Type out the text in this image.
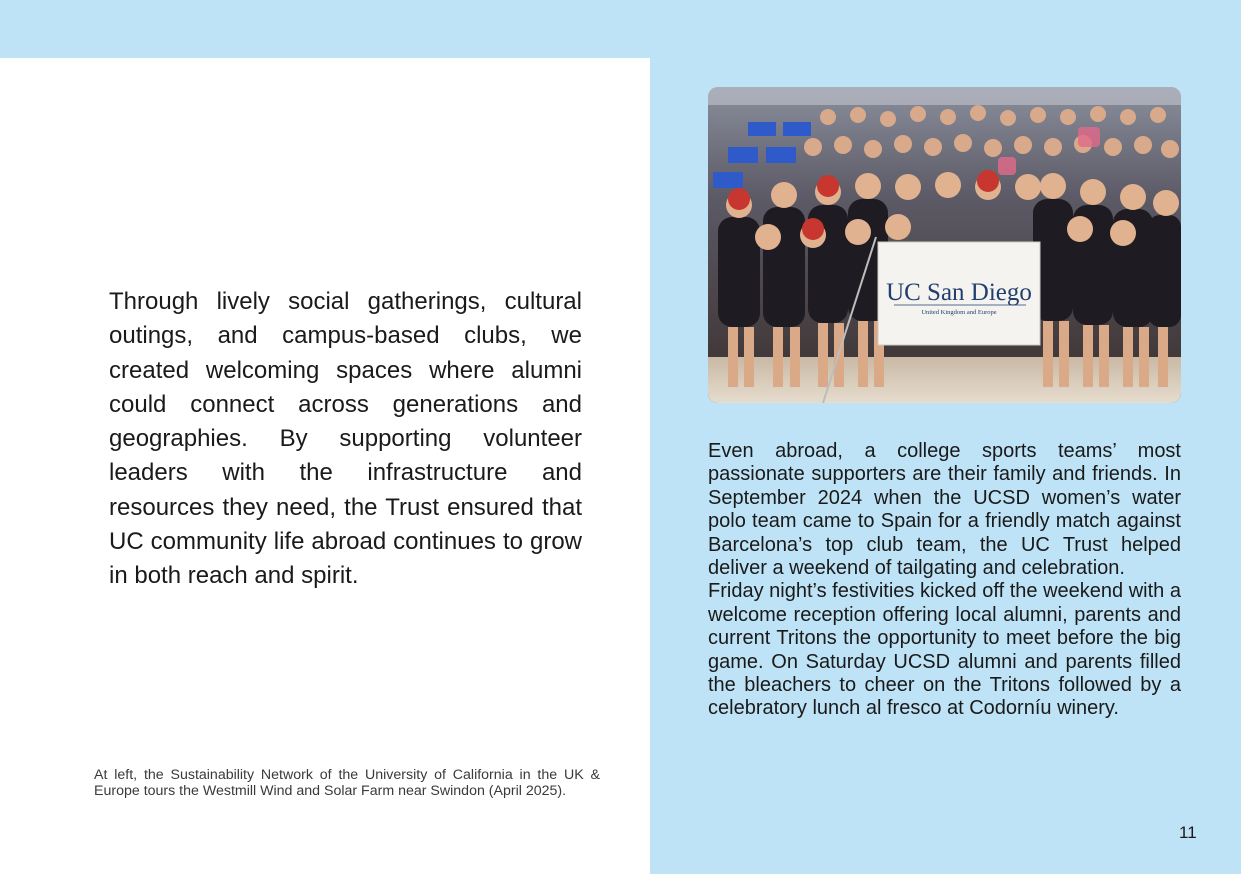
Through lively social gatherings, cultural outings, and campus-based clubs, we created welcoming spaces where alumni could connect across generations and geographies. By supporting volunteer leaders with the infrastructure and resources they need, the Trust ensured that UC community life abroad continues to grow in both reach and spirit.

At left, the Sustainability Network of the University of California in the UK & Europe tours the Westmill Wind and Solar Farm near Swindon (April 2025).

UC San Diego
United Kingdom and Europe

Even abroad, a college sports teams’ most passionate supporters are their family and friends. In September 2024 when the UCSD women’s water polo team came to Spain for a friendly match against Barcelona’s top club team, the UC Trust helped deliver a weekend of tailgating and celebration.

Friday night’s festivities kicked off the weekend with a welcome reception offering local alumni, parents and current Tritons the opportunity to meet before the big game. On Saturday UCSD alumni and parents filled the bleachers to cheer on the Tritons followed by a celebratory lunch al fresco at Codorníu winery.

11
